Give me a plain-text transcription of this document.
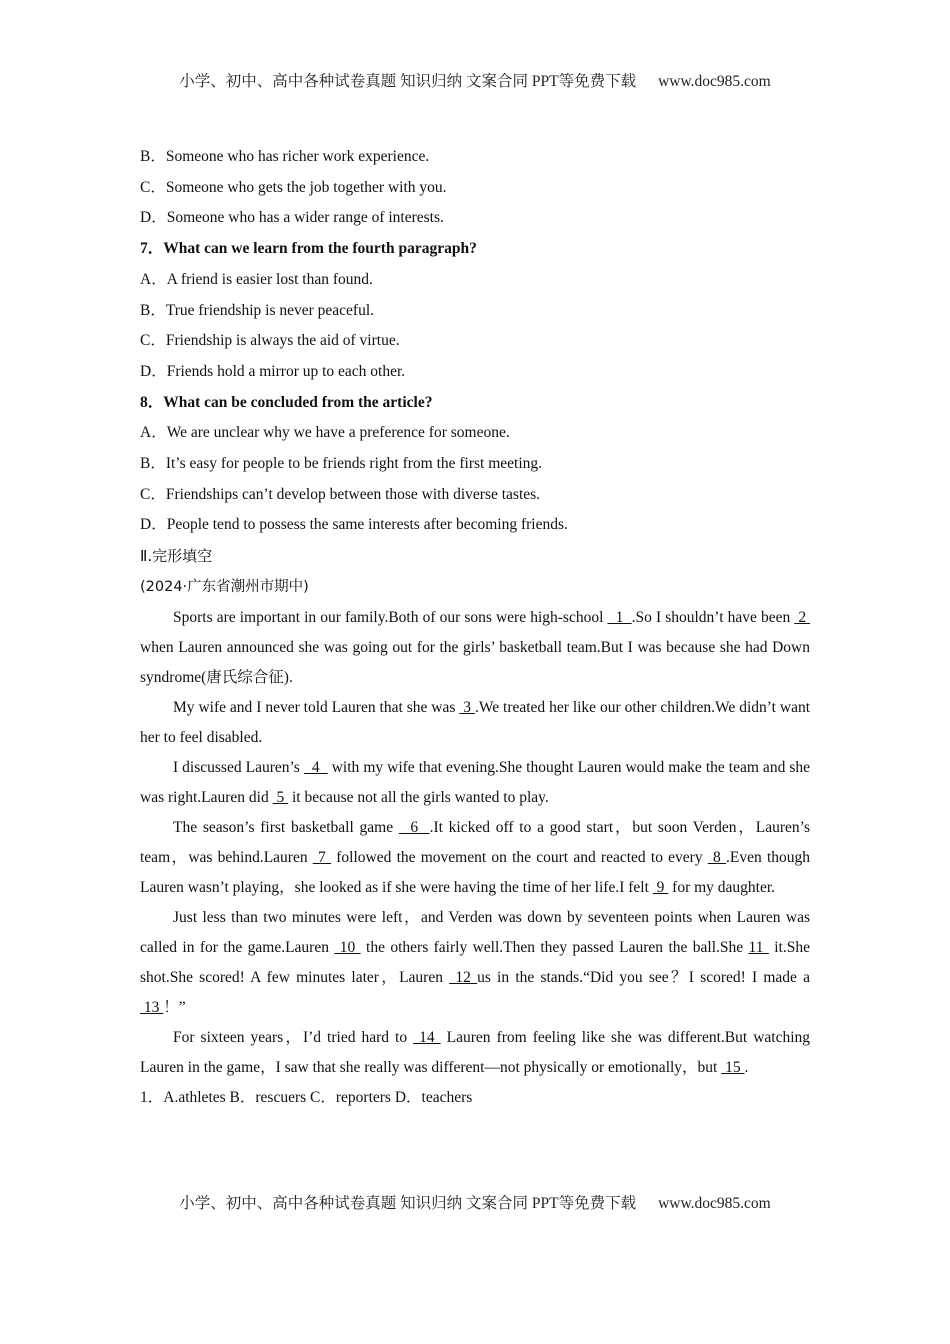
小学、初中、高中各种试卷真题 知识归纳 文案合同 PPT等免费下载 www.doc985.com
B．Someone who has richer work experience.
C．Someone who gets the job together with you.
D．Someone who has a wider range of interests.
7．What can we learn from the fourth paragraph?
A．A friend is easier lost than found.
B．True friendship is never peaceful.
C．Friendship is always the aid of virtue.
D．Friends hold a mirror up to each other.
8．What can be concluded from the article?
A．We are unclear why we have a preference for someone.
B．It’s easy for people to be friends right from the first meeting.
C．Friendships can’t develop between those with diverse tastes.
D．People tend to possess the same interests after becoming friends.
Ⅱ.完形填空
(2024·广东省潮州市期中)
Sports are important in our family.Both of our sons were high-school   1  .So I shouldn’t have been  2  when Lauren announced she was going out for the girls’ basketball team.But I was because she had Down syndrome(唐氏综合征).
My wife and I never told Lauren that she was  3 .We treated her like our other children.We didn’t want her to feel disabled.
I discussed Lauren’s   4   with my wife that evening.She thought Lauren would make the team and she was right.Lauren did  5  it because not all the girls wanted to play.
The season’s first basketball game   6  .It kicked off to a good start，but soon Verden，Lauren’s team，was behind.Lauren  7  followed the movement on the court and reacted to every  8 .Even though Lauren wasn’t playing，she looked as if she were having the time of her life.I felt  9  for my daughter.
Just less than two minutes were left，and Verden was down by seventeen points when Lauren was called in for the game.Lauren  10  the others fairly well.Then they passed Lauren the ball.She 11  it.She shot.She scored! A few minutes later，Lauren  12 us in the stands.“Did you see？I scored! I made a  13 ！”
For sixteen years，I’d tried hard to  14  Lauren from feeling like she was different.But watching Lauren in the game，I saw that she really was different—not physically or emotionally，but  15 .
1．A.athletes B．rescuers C．reporters D．teachers
小学、初中、高中各种试卷真题 知识归纳 文案合同 PPT等免费下载 www.doc985.com
